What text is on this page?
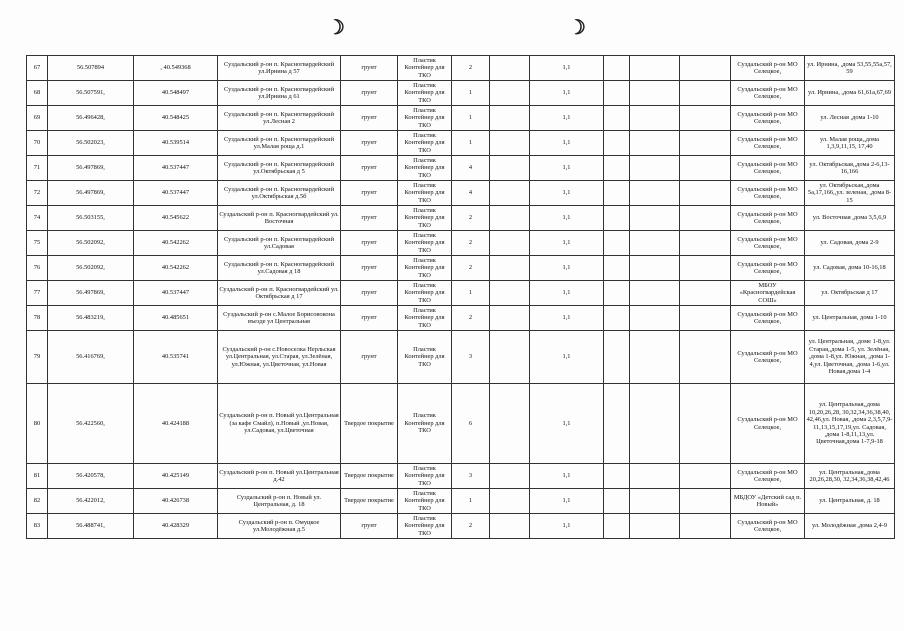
☽	☽
67	56.507894	, 40.549368	Суздальский р-он п. Красногвардейский ул.Ирнина д 57	грунт	Пластик Контейнер для ТКО	2		1,1				Суздальский р-он МО Селецкое,	ул. Ирнина, ,дома 53,55,55а,57, 59
68	56.507591,	40.548497	Суздальский р-он п. Красногвардейский ул.Ирнина д 61	грунт	Пластик Контейнер для ТКО	1		1,1				Суздальский р-он МО Селецкое,	ул. Ирнина, ,дома 61,61а,67,69
69	56.496428,	40.548425	Суздальский р-он п. Красногвардейский ул.Лесная 2	грунт	Пластик Контейнер для ТКО	1		1,1				Суздальский р-он МО Селецкое,	ул. Лесная ,дома 1-10
70	56.502023,	40.539514	Суздальский р-он п. Красногвардейский ул.Малая роща д.1	грунт	Пластик Контейнер для ТКО	1		1,1				Суздальский р-он МО Селецкое,	ул. Малая роща,,дома 1,3,9,11,15, 17,40
71	56.497869,	40.537447	Суздальский р-он п. Красногвардейский ул.Октябрьская д 5	грунт	Пластик Контейнер для ТКО	4		1,1				Суздальский р-он МО Селецкое,	ул. Октябрьская,,дома 2-6,13-16,166
72	56.497869,	40.537447	Суздальский р-он п. Красногвардейский ул.Октябрьская д.5б	грунт	Пластик Контейнер для ТКО	4		1,1				Суздальский р-он МО Селецкое,	ул. Октябрьская,,дома 5а,17,166,,ул. зеленая, ,дома 8-15
74	56.503155,	40.545622	Суздальский р-он п. Красногвардейский ул. Восточная	грунт	Пластик Контейнер для ТКО	2		1,1				Суздальский р-он МО Селецкое,	ул. Восточная ,дома 3,5,6,9
75	56.502092,	40.542262	Суздальский р-он п. Красногвардейский ул.Садовая	грунт	Пластик Контейнер для ТКО	2		1,1				Суздальский р-он МО Селецкое,	ул. Садовая, дома 2-9
76	56.502092,	40.542262	Суздальский р-он п. Красногвардейский ул.Садовая д 18	грунт	Пластик Контейнер для ТКО	2		1,1				Суздальский р-он МО Селецкое,	ул. Садовая, дома 10-16,18
77	56.497869,	40.537447	Суздальский р-он п. Красногвардейский ул. Октябрьская д 17	грунт	Пластик Контейнер для ТКО	1		1,1				МБОУ «Красногвардейская СОШ»	ул. Октябрьская д 17
78	56.483219,	40.485651	Суздальский р-он с.Малое Борисовокона въезде ул Центральная	грунт	Пластик Контейнер для ТКО	2		1,1				Суздальский р-он МО Селецкое,	ул. Центральная, дома 1-10
79	56.416769,	40.535741	Суздальский р-он с.Новоселка Нерльская ул.Центральная, ул.Старая, ул.Зелёная, ул.Южная, ул.Цветочная, ул.Новая	грунт	Пластик Контейнер для ТКО	3		1,1				Суздальский р-он МО Селецкое,	ул. Центральная, ,доме 1-8,ул. Старая,,дома 1-5, ул. Зелёная, ,дома 1-8,ул. Южная, ,дома 1-4,ул. Цветочная, ,дома 1-6,ул. Новая,дома 1-4
80	56.422560,	40.424188	Суздальский р-он п. Новый ул.Центральная (за кафе Смайл), п.Новый ,ул.Новая, ул.Садовая, ул.Цветочная	Твердое покрытие	Пластик Контейнер для ТКО	6		1,1				Суздальский р-он МО Селецкое,	ул. Центральная,,дома 10,20,26,28, 30,32,34,36,38,40, 42,46,ул. Новая, ,дома 2,3,5,7,9-11,13,15,17,19,ул. Садовая, ,дома 1-8,11,13,ул. Цветочная,дома 1-7,9-18
81	56.420578,	40.425149	Суздальский р-он п. Новый ул.Центральная д.42	Твердое покрытие	Пластик Контейнер для ТКО	3		1,1				Суздальский р-он МО Селецкое,	ул. Центральная,,дома 20,26,28,30, 32,34,36,38,42,46
82	56.422012,	40.426738	Суздальский р-он п. Новый ул. Центральная, д. 18	Твердое покрытие	Пластик Контейнер для ТКО	1		1,1				МБДОУ «Детский сад п. Новый»	ул. Центральная, д. 18
83	56.488741,	40.428329	Суздальский р-он п. Омуцкое ул.Молодёжная д.5	грунт	Пластик Контейнер для ТКО	2		1,1				Суздальский р-он МО Селецкое,	ул. Молодёжная ,дома 2,4-9
